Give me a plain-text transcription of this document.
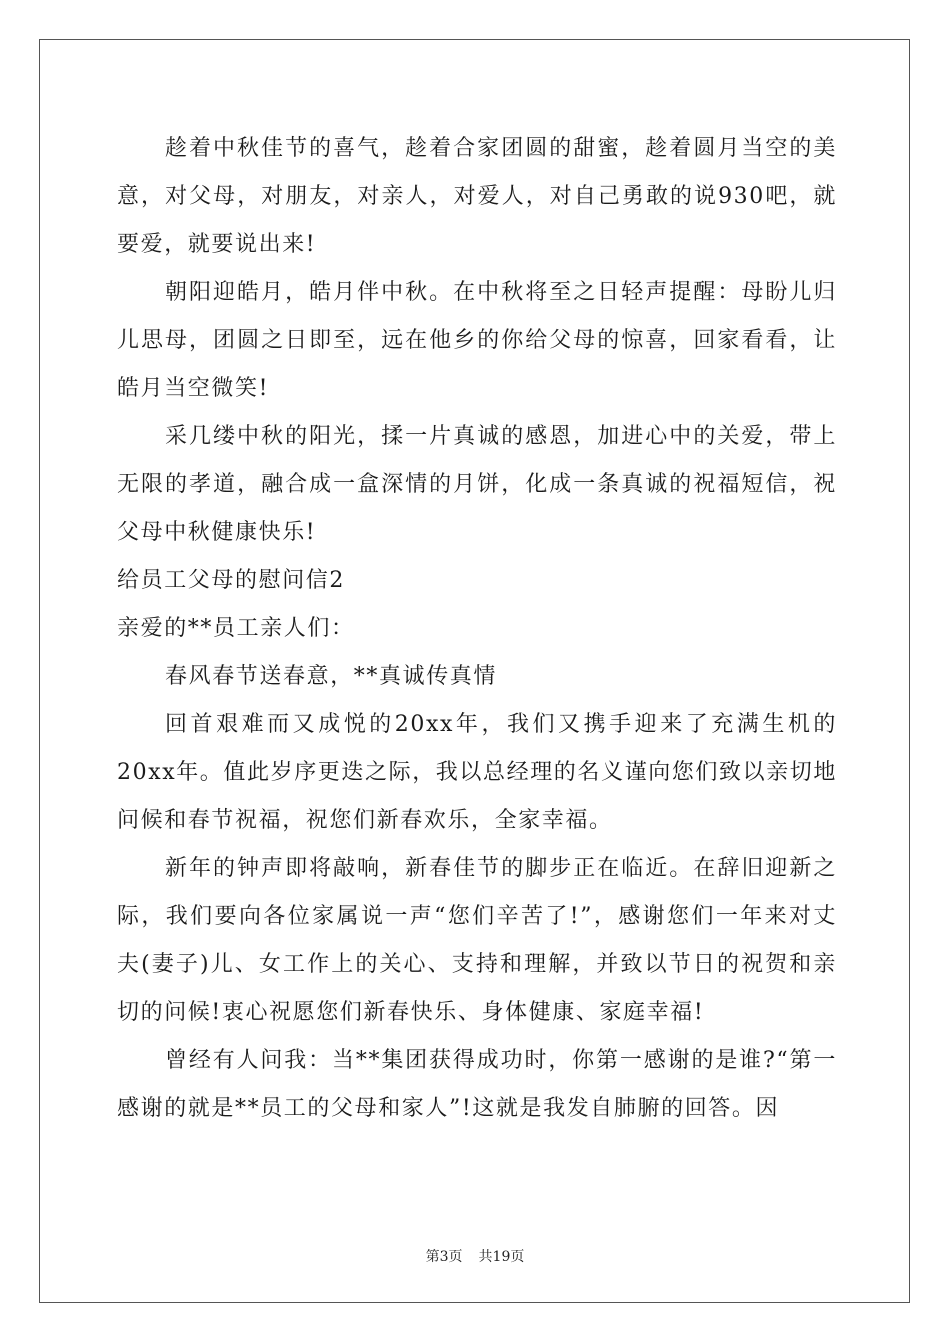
趁着中秋佳节的喜气，趁着合家团圆的甜蜜，趁着圆月当空的美意，对父母，对朋友，对亲人，对爱人，对自己勇敢的说930吧，就要爱，就要说出来!

朝阳迎皓月，皓月伴中秋。在中秋将至之日轻声提醒：母盼儿归儿思母，团圆之日即至，远在他乡的你给父母的惊喜，回家看看，让皓月当空微笑!

采几缕中秋的阳光，揉一片真诚的感恩，加进心中的关爱，带上无限的孝道，融合成一盒深情的月饼，化成一条真诚的祝福短信，祝父母中秋健康快乐!

给员工父母的慰问信2

亲爱的**员工亲人们：

春风春节送春意，**真诚传真情

回首艰难而又成悦的20xx年，我们又携手迎来了充满生机的20xx年。值此岁序更迭之际，我以总经理的名义谨向您们致以亲切地问候和春节祝福，祝您们新春欢乐，全家幸福。

新年的钟声即将敲响，新春佳节的脚步正在临近。在辞旧迎新之际，我们要向各位家属说一声“您们辛苦了!”，感谢您们一年来对丈夫(妻子)儿、女工作上的关心、支持和理解，并致以节日的祝贺和亲切的问候!衷心祝愿您们新春快乐、身体健康、家庭幸福!

曾经有人问我：当**集团获得成功时，你第一感谢的是谁?“第一感谢的就是**员工的父母和家人”!这就是我发自肺腑的回答。因

第3页 共19页
